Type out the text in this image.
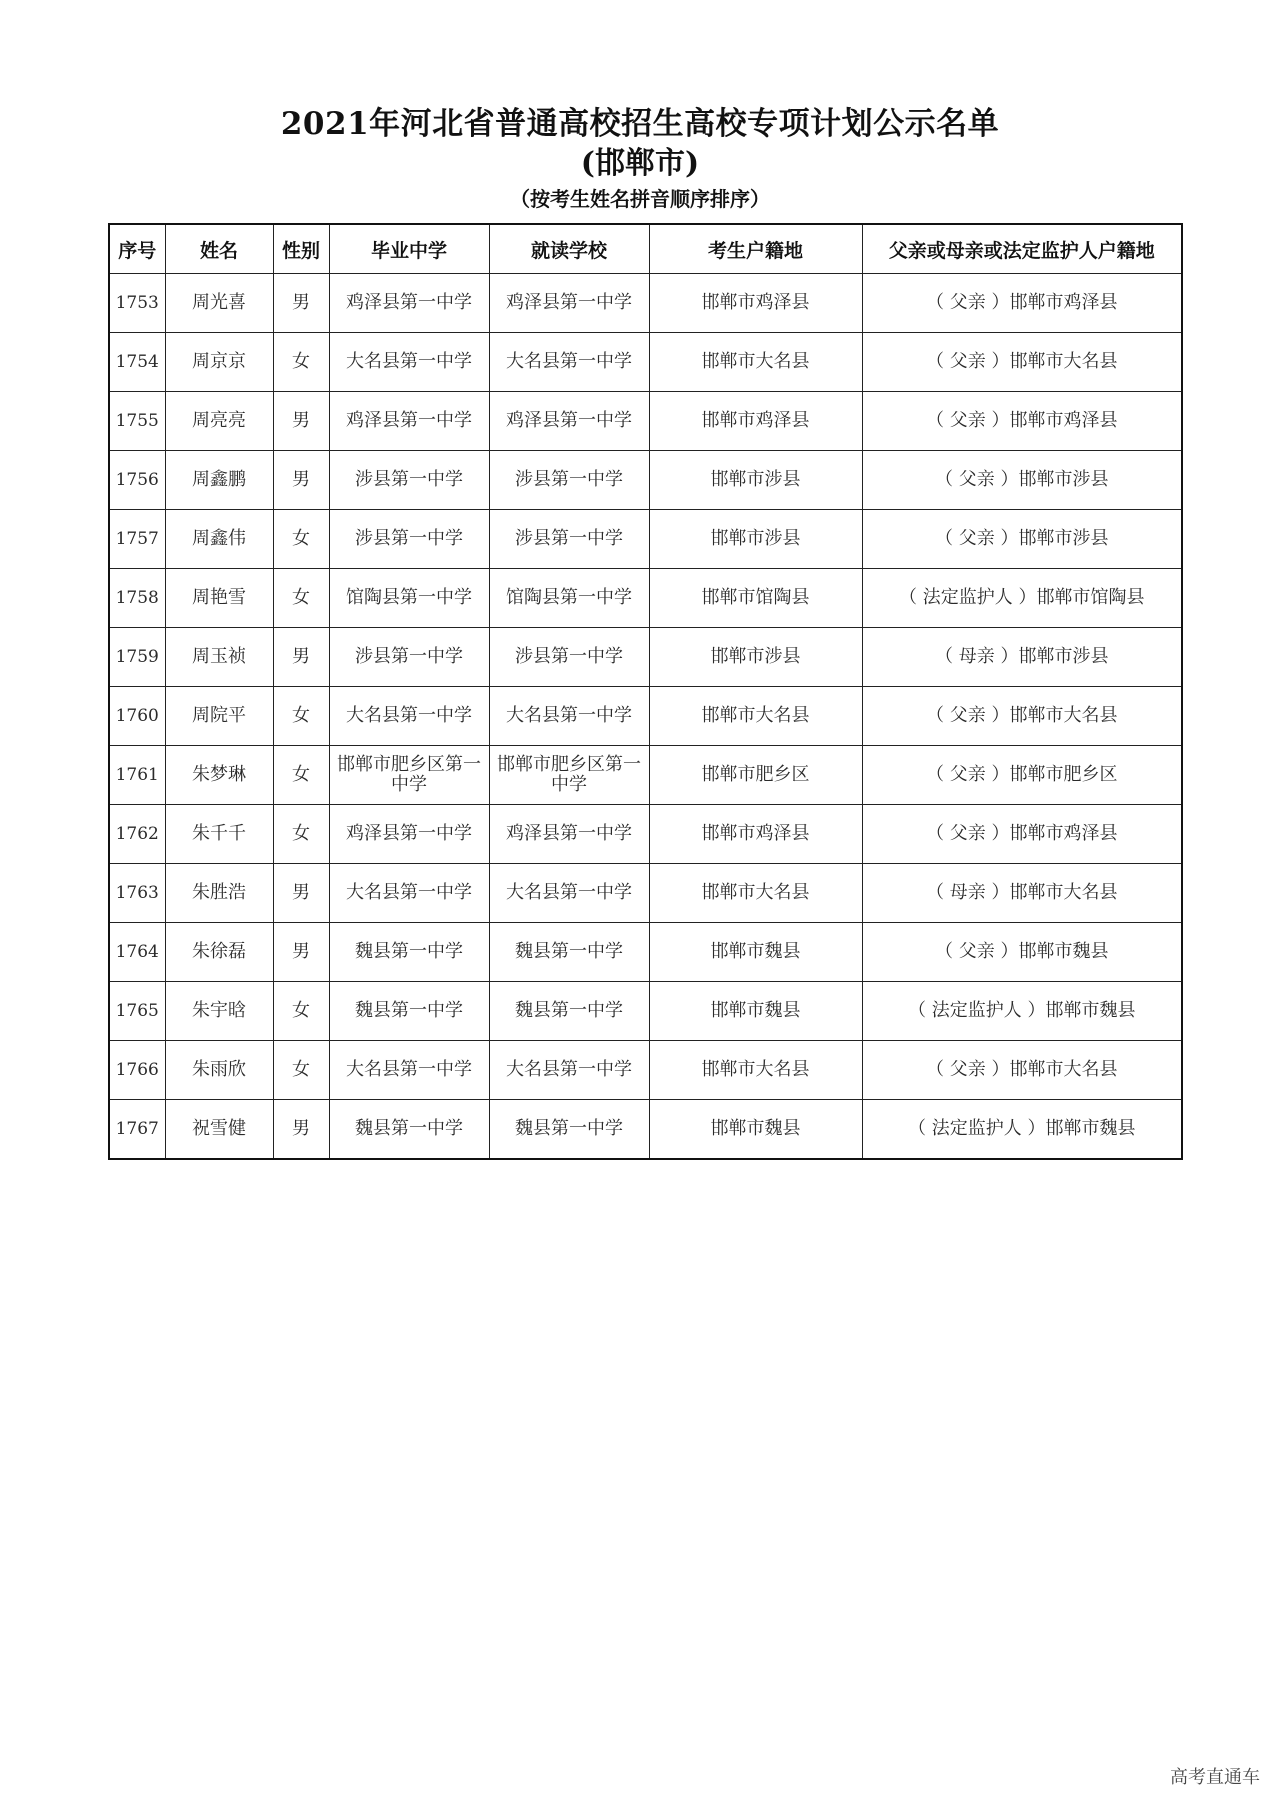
2021年河北省普通高校招生高校专项计划公示名单
(邯郸市)
（按考生姓名拼音顺序排序）
序号	姓名	性别	毕业中学	就读学校	考生户籍地	父亲或母亲或法定监护人户籍地
1753	周光喜	男	鸡泽县第一中学	鸡泽县第一中学	邯郸市鸡泽县	（ 父亲 ）邯郸市鸡泽县
1754	周京京	女	大名县第一中学	大名县第一中学	邯郸市大名县	（ 父亲 ）邯郸市大名县
1755	周亮亮	男	鸡泽县第一中学	鸡泽县第一中学	邯郸市鸡泽县	（ 父亲 ）邯郸市鸡泽县
1756	周鑫鹏	男	涉县第一中学	涉县第一中学	邯郸市涉县	（ 父亲 ）邯郸市涉县
1757	周鑫伟	女	涉县第一中学	涉县第一中学	邯郸市涉县	（ 父亲 ）邯郸市涉县
1758	周艳雪	女	馆陶县第一中学	馆陶县第一中学	邯郸市馆陶县	（ 法定监护人 ）邯郸市馆陶县
1759	周玉祯	男	涉县第一中学	涉县第一中学	邯郸市涉县	（ 母亲 ）邯郸市涉县
1760	周院平	女	大名县第一中学	大名县第一中学	邯郸市大名县	（ 父亲 ）邯郸市大名县
1761	朱梦琳	女	邯郸市肥乡区第一中学	邯郸市肥乡区第一中学	邯郸市肥乡区	（ 父亲 ）邯郸市肥乡区
1762	朱千千	女	鸡泽县第一中学	鸡泽县第一中学	邯郸市鸡泽县	（ 父亲 ）邯郸市鸡泽县
1763	朱胜浩	男	大名县第一中学	大名县第一中学	邯郸市大名县	（ 母亲 ）邯郸市大名县
1764	朱徐磊	男	魏县第一中学	魏县第一中学	邯郸市魏县	（ 父亲 ）邯郸市魏县
1765	朱宇晗	女	魏县第一中学	魏县第一中学	邯郸市魏县	（ 法定监护人 ）邯郸市魏县
1766	朱雨欣	女	大名县第一中学	大名县第一中学	邯郸市大名县	（ 父亲 ）邯郸市大名县
1767	祝雪健	男	魏县第一中学	魏县第一中学	邯郸市魏县	（ 法定监护人 ）邯郸市魏县
高考直通车
